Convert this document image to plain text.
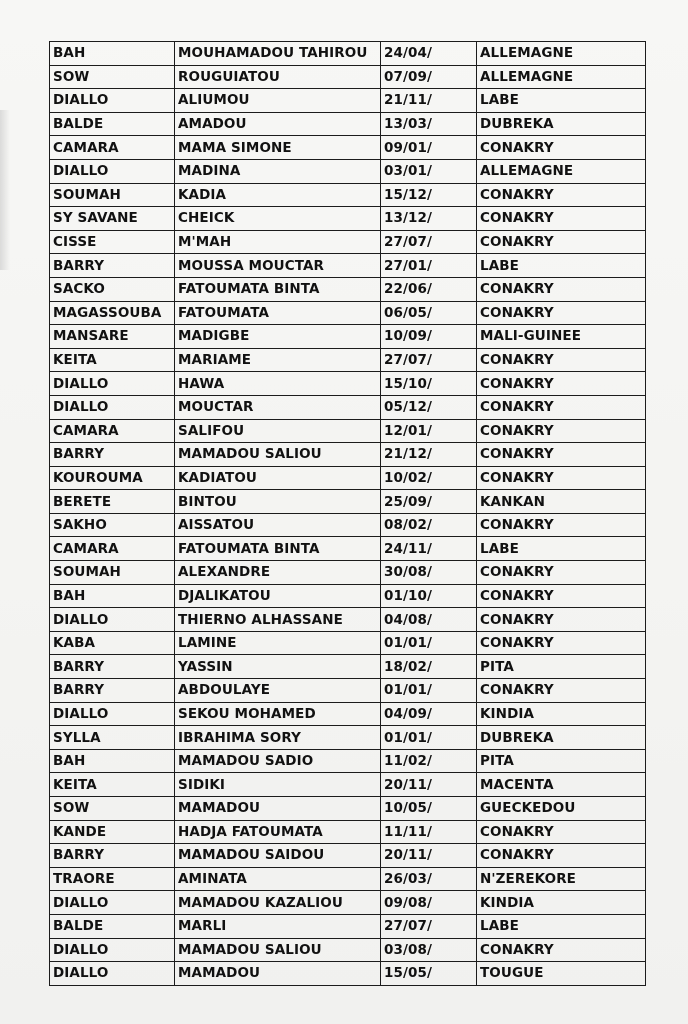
BAH	MOUHAMADOU TAHIROU	24/04/	ALLEMAGNE
SOW	ROUGUIATOU	07/09/	ALLEMAGNE
DIALLO	ALIUMOU	21/11/	LABE
BALDE	AMADOU	13/03/	DUBREKA
CAMARA	MAMA SIMONE	09/01/	CONAKRY
DIALLO	MADINA	03/01/	ALLEMAGNE
SOUMAH	KADIA	15/12/	CONAKRY
SY SAVANE	CHEICK	13/12/	CONAKRY
CISSE	M'MAH	27/07/	CONAKRY
BARRY	MOUSSA MOUCTAR	27/01/	LABE
SACKO	FATOUMATA BINTA	22/06/	CONAKRY
MAGASSOUBA	FATOUMATA	06/05/	CONAKRY
MANSARE	MADIGBE	10/09/	MALI-GUINEE
KEITA	MARIAME	27/07/	CONAKRY
DIALLO	HAWA	15/10/	CONAKRY
DIALLO	MOUCTAR	05/12/	CONAKRY
CAMARA	SALIFOU	12/01/	CONAKRY
BARRY	MAMADOU SALIOU	21/12/	CONAKRY
KOUROUMA	KADIATOU	10/02/	CONAKRY
BERETE	BINTOU	25/09/	KANKAN
SAKHO	AISSATOU	08/02/	CONAKRY
CAMARA	FATOUMATA BINTA	24/11/	LABE
SOUMAH	ALEXANDRE	30/08/	CONAKRY
BAH	DJALIKATOU	01/10/	CONAKRY
DIALLO	THIERNO ALHASSANE	04/08/	CONAKRY
KABA	LAMINE	01/01/	CONAKRY
BARRY	YASSIN	18/02/	PITA
BARRY	ABDOULAYE	01/01/	CONAKRY
DIALLO	SEKOU MOHAMED	04/09/	KINDIA
SYLLA	IBRAHIMA SORY	01/01/	DUBREKA
BAH	MAMADOU SADIO	11/02/	PITA
KEITA	SIDIKI	20/11/	MACENTA
SOW	MAMADOU	10/05/	GUECKEDOU
KANDE	HADJA FATOUMATA	11/11/	CONAKRY
BARRY	MAMADOU SAIDOU	20/11/	CONAKRY
TRAORE	AMINATA	26/03/	N'ZEREKORE
DIALLO	MAMADOU KAZALIOU	09/08/	KINDIA
BALDE	MARLI	27/07/	LABE
DIALLO	MAMADOU SALIOU	03/08/	CONAKRY
DIALLO	MAMADOU	15/05/	TOUGUE
